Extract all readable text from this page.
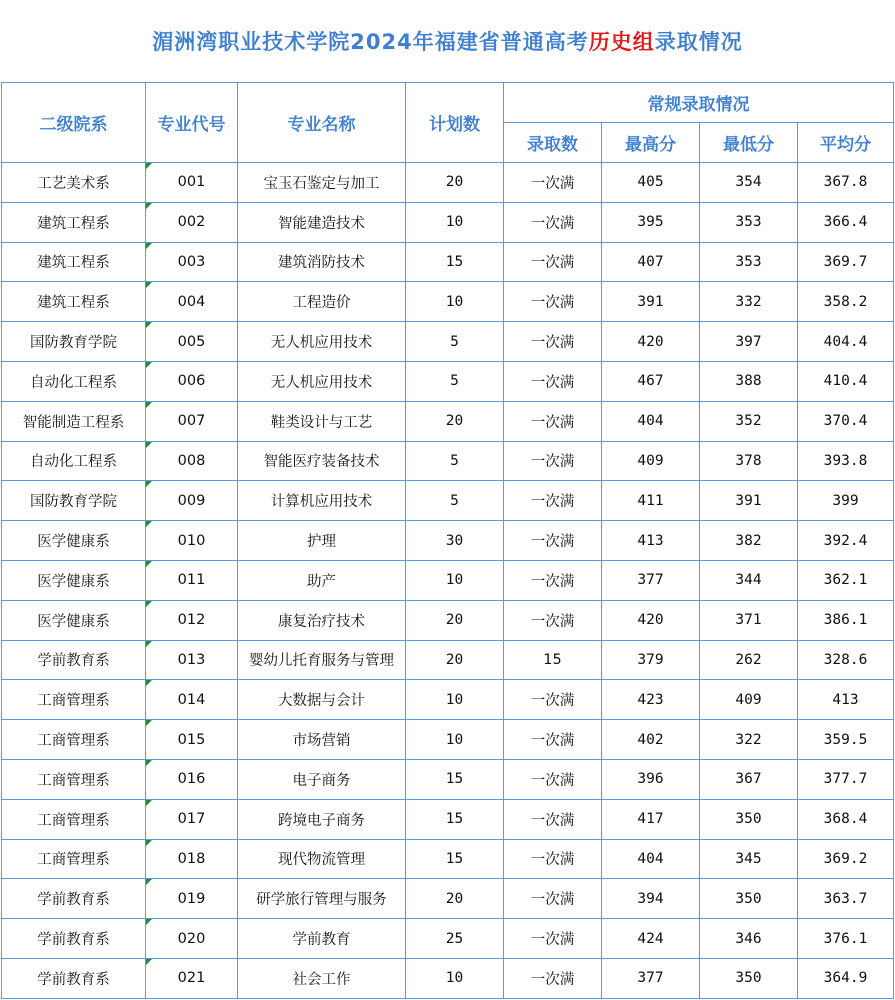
湄洲湾职业技术学院2024年福建省普通高考 历史组 录取情况
二级院系	专业代号	专业名称	计划数	常规录取情况			
				录取数	最高分	最低分	平均分
工艺美术系	001	宝玉石鉴定与加工	20	一次满	405	354	367.8
建筑工程系	002	智能建造技术	10	一次满	395	353	366.4
建筑工程系	003	建筑消防技术	15	一次满	407	353	369.7
建筑工程系	004	工程造价	10	一次满	391	332	358.2
国防教育学院	005	无人机应用技术	5	一次满	420	397	404.4
自动化工程系	006	无人机应用技术	5	一次满	467	388	410.4
智能制造工程系	007	鞋类设计与工艺	20	一次满	404	352	370.4
自动化工程系	008	智能医疗装备技术	5	一次满	409	378	393.8
国防教育学院	009	计算机应用技术	5	一次满	411	391	399
医学健康系	010	护理	30	一次满	413	382	392.4
医学健康系	011	助产	10	一次满	377	344	362.1
医学健康系	012	康复治疗技术	20	一次满	420	371	386.1
学前教育系	013	婴幼儿托育服务与管理	20	15	379	262	328.6
工商管理系	014	大数据与会计	10	一次满	423	409	413
工商管理系	015	市场营销	10	一次满	402	322	359.5
工商管理系	016	电子商务	15	一次满	396	367	377.7
工商管理系	017	跨境电子商务	15	一次满	417	350	368.4
工商管理系	018	现代物流管理	15	一次满	404	345	369.2
学前教育系	019	研学旅行管理与服务	20	一次满	394	350	363.7
学前教育系	020	学前教育	25	一次满	424	346	376.1
学前教育系	021	社会工作	10	一次满	377	350	364.9
